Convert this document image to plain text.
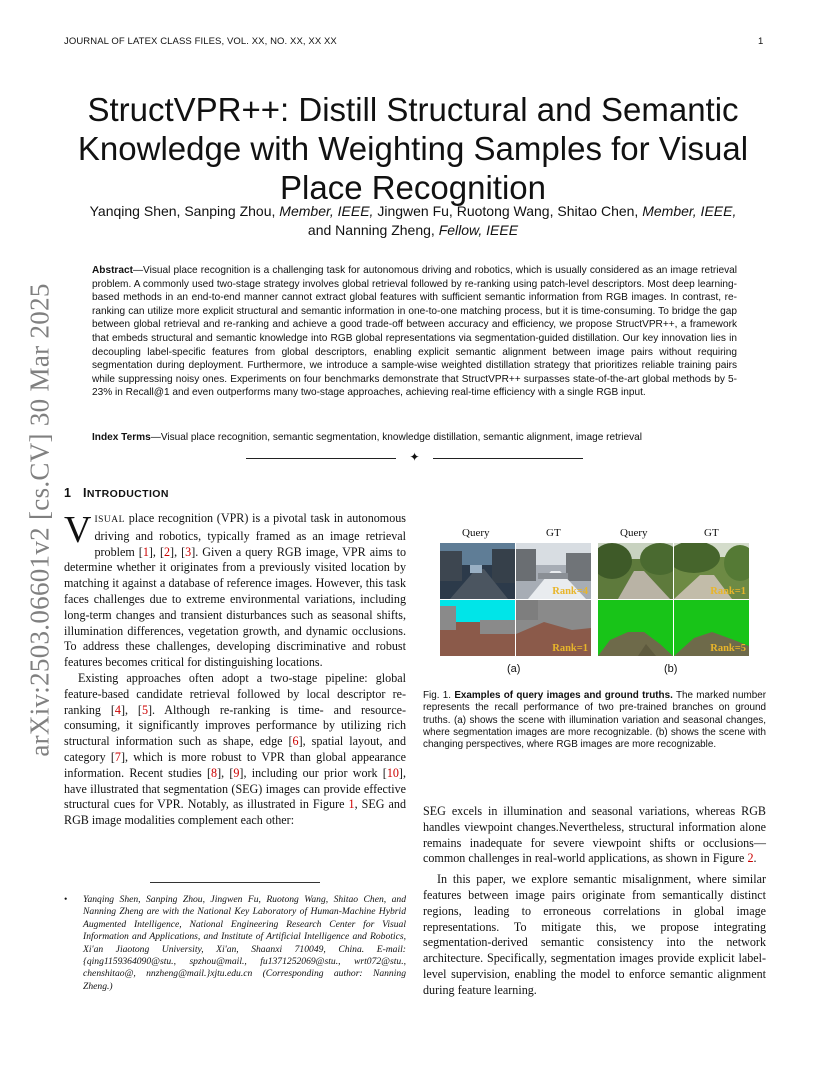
JOURNAL OF LATEX CLASS FILES, VOL. XX, NO. XX, XX XX	1
arXiv:2503.06601v2 [cs.CV] 30 Mar 2025
StructVPR++: Distill Structural and Semantic Knowledge with Weighting Samples for Visual Place Recognition
Yanqing Shen, Sanping Zhou, Member, IEEE, Jingwen Fu, Ruotong Wang, Shitao Chen, Member, IEEE,
and Nanning Zheng, Fellow, IEEE
Abstract—Visual place recognition is a challenging task for autonomous driving and robotics, which is usually considered as an image retrieval problem. A commonly used two-stage strategy involves global retrieval followed by re-ranking using patch-level descriptors. Most deep learning-based methods in an end-to-end manner cannot extract global features with sufficient semantic information from RGB images. In contrast, re-ranking can utilize more explicit structural and semantic information in one-to-one matching process, but it is time-consuming. To bridge the gap between global retrieval and re-ranking and achieve a good trade-off between accuracy and efficiency, we propose StructVPR++, a framework that embeds structural and semantic knowledge into RGB global representations via segmentation-guided distillation. Our key innovation lies in decoupling label-specific features from global descriptors, enabling explicit semantic alignment between image pairs without requiring segmentation during deployment. Furthermore, we introduce a sample-wise weighted distillation strategy that prioritizes reliable training pairs while suppressing noisy ones. Experiments on four benchmarks demonstrate that StructVPR++ surpasses state-of-the-art global methods by 5-23% in Recall@1 and even outperforms many two-stage approaches, achieving real-time efficiency with a single RGB input.
Index Terms—Visual place recognition, semantic segmentation, knowledge distillation, semantic alignment, image retrieval
✦
1 INTRODUCTION

VISUAL place recognition (VPR) is a pivotal task in autonomous driving and robotics, typically framed as an image retrieval problem [1], [2], [3]. Given a query RGB image, VPR aims to determine whether it originates from a previously visited location by matching it against a database of reference images. However, this task faces challenges due to extreme environmental variations, including long-term changes and transient disturbances such as seasonal shifts, illumination differences, vegetation growth, and dynamic occlusions. To address these challenges, developing discriminative and robust features becomes critical for distinguishing locations.

Existing approaches often adopt a two-stage pipeline: global feature-based candidate retrieval followed by local descriptor re-ranking [4], [5]. Although re-ranking is time- and resource-consuming, it significantly improves performance by utilizing rich structural information such as shape, edge [6], spatial layout, and category [7], which is more robust to VPR than global appearance information. Recent studies [8], [9], including our prior work [10], have illustrated that segmentation (SEG) images can provide effective structural cues for VPR. Notably, as illustrated in Figure 1, SEG and RGB image modalities complement each other:

• Yanqing Shen, Sanping Zhou, Jingwen Fu, Ruotong Wang, Shitao Chen, and Nanning Zheng are with the National Key Laboratory of Human-Machine Hybrid Augmented Intelligence, National Engineering Research Center for Visual Information and Applications, and Institute of Artificial Intelligence and Robotics, Xi'an Jiaotong University, Xi'an, Shaanxi 710049, China. E-mail: {qing1159364090@stu., spzhou@mail., fu1371252069@stu., wrt072@stu., chenshitao@, nnzheng@mail.}xjtu.edu.cn (Corresponding author: Nanning Zheng.)
Query	GT	Query	GT
Rank=4	Rank=1
Rank=1	Rank=5
(a)	(b)
Fig. 1. Examples of query images and ground truths. The marked number represents the recall performance of two pre-trained branches on ground truths. (a) shows the scene with illumination variation and seasonal changes, where segmentation images are more recognizable. (b) shows the scene with changing perspectives, where RGB images are more recognizable.

SEG excels in illumination and seasonal variations, whereas RGB handles viewpoint changes.Nevertheless, structural information alone remains inadequate for severe viewpoint shifts or occlusions—common challenges in real-world applications, as shown in Figure 2.

In this paper, we explore semantic misalignment, where similar features between image pairs originate from semantically distinct regions, leading to erroneous correlations in global image representations. To mitigate this, we propose integrating segmentation-derived semantic consistency into the network architecture. Specifically, segmentation images provide explicit label-level supervision, enabling the model to enforce semantic alignment during feature learning.
